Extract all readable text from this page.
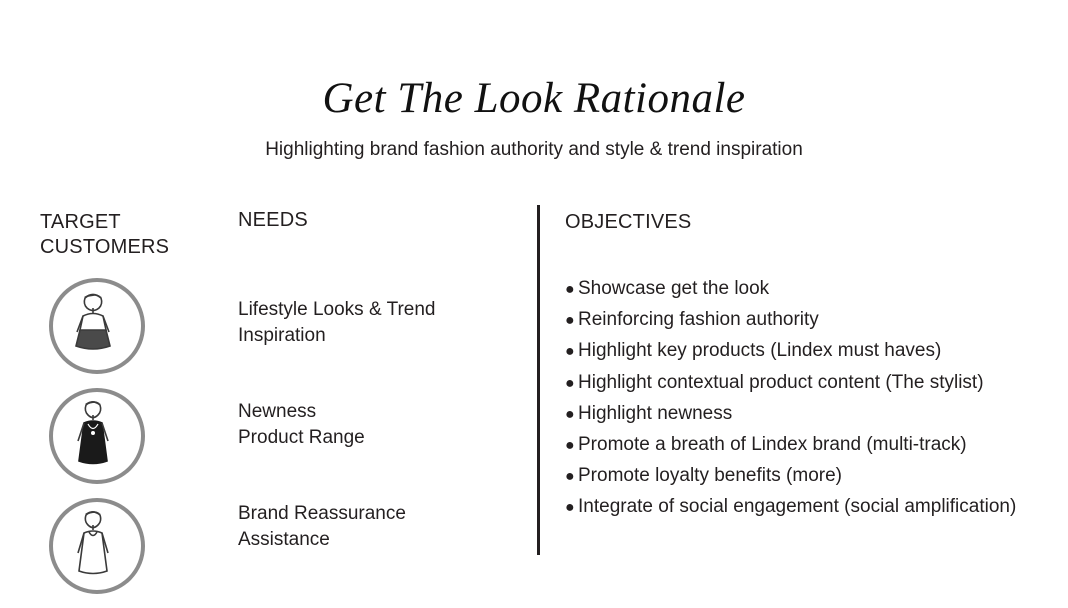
Get The Look Rationale
Highlighting brand fashion authority and style & trend inspiration
TARGET
CUSTOMERS
NEEDS
Lifestyle Looks & Trend
Inspiration
Newness
Product Range
Brand Reassurance
Assistance
OBJECTIVES
● Showcase get the look
● Reinforcing fashion authority
● Highlight key products (Lindex must haves)
● Highlight contextual product content (The stylist)
● Highlight newness
● Promote a breath of Lindex brand (multi-track)
● Promote loyalty benefits (more)
● Integrate of social engagement (social amplification)
